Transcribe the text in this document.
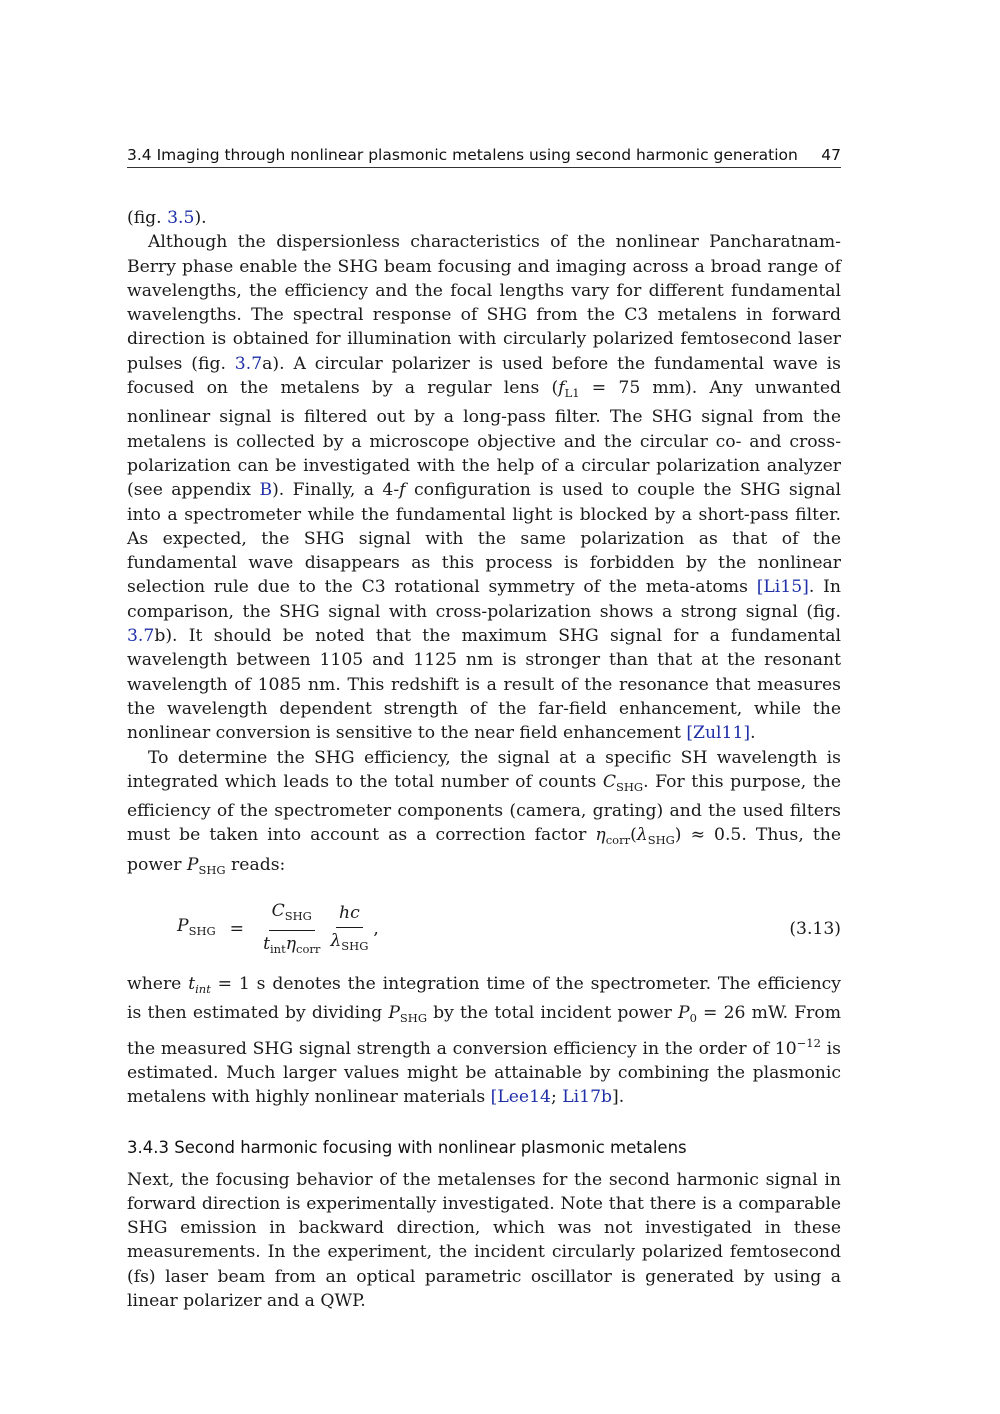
3.4 Imaging through nonlinear plasmonic metalens using second harmonic generation 47

(fig. 3.5).

Although the dispersionless characteristics of the nonlinear Pancharatnam-Berry phase enable the SHG beam focusing and imaging across a broad range of wavelengths, the efficiency and the focal lengths vary for different fundamental wavelengths. The spectral response of SHG from the C3 metalens in forward direction is obtained for illumination with circularly polarized femtosecond laser pulses (fig. 3.7a). A circular polarizer is used before the fundamental wave is focused on the metalens by a regular lens ($f_{L1} = 75$ mm). Any unwanted nonlinear signal is filtered out by a long-pass filter. The SHG signal from the metalens is collected by a microscope objective and the circular co- and cross-polarization can be investigated with the help of a circular polarization analyzer (see appendix B). Finally, a 4-f configuration is used to couple the SHG signal into a spectrometer while the fundamental light is blocked by a short-pass filter. As expected, the SHG signal with the same polarization as that of the fundamental wave disappears as this process is forbidden by the nonlinear selection rule due to the C3 rotational symmetry of the meta-atoms [Li15]. In comparison, the SHG signal with cross-polarization shows a strong signal (fig. 3.7b). It should be noted that the maximum SHG signal for a fundamental wavelength between 1105 and 1125 nm is stronger than that at the resonant wavelength of 1085 nm. This redshift is a result of the resonance that measures the wavelength dependent strength of the far-field enhancement, while the nonlinear conversion is sensitive to the near field enhancement [Zul11].

To determine the SHG efficiency, the signal at a specific SH wavelength is integrated which leads to the total number of counts $C_{SHG}$. For this purpose, the efficiency of the spectrometer components (camera, grating) and the used filters must be taken into account as a correction factor $\eta_{corr}(\lambda_{SHG}) \approx 0.5$. Thus, the power $P_{SHG}$ reads:

$P_{SHG} = \frac{C_{SHG}}{t_{int}\eta_{corr}} \frac{hc}{\lambda_{SHG}}$ ,	(3.13)

where $t_{int} = 1$ s denotes the integration time of the spectrometer. The efficiency is then estimated by dividing $P_{SHG}$ by the total incident power $P_0 = 26$ mW. From the measured SHG signal strength a conversion efficiency in the order of $10^{-12}$ is estimated. Much larger values might be attainable by combining the plasmonic metalens with highly nonlinear materials [Lee14; Li17b].

3.4.3 Second harmonic focusing with nonlinear plasmonic metalens

Next, the focusing behavior of the metalenses for the second harmonic signal in forward direction is experimentally investigated. Note that there is a comparable SHG emission in backward direction, which was not investigated in these measurements. In the experiment, the incident circularly polarized femtosecond (fs) laser beam from an optical parametric oscillator is generated by using a linear polarizer and a QWP.
